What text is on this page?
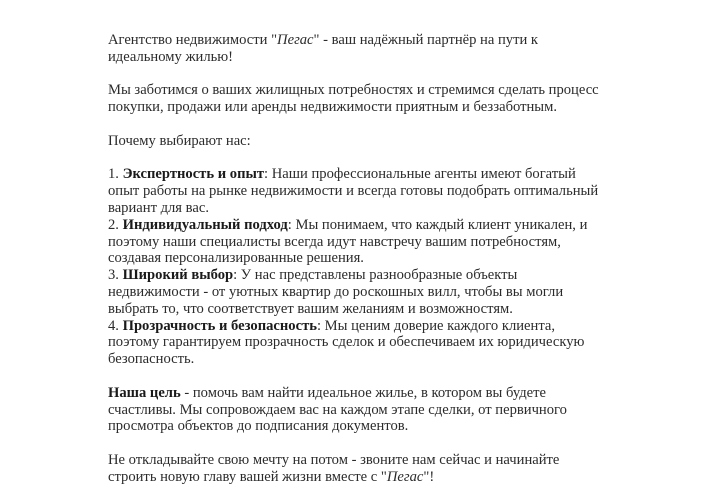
Агентство недвижимости "Пегас" - ваш надёжный партнёр на пути к идеальному жилью!

Мы заботимся о ваших жилищных потребностях и стремимся сделать процесс покупки, продажи или аренды недвижимости приятным и беззаботным.

Почему выбирают нас:

1. Экспертность и опыт: Наши профессиональные агенты имеют богатый опыт работы на рынке недвижимости и всегда готовы подобрать оптимальный вариант для вас.

2. Индивидуальный подход: Мы понимаем, что каждый клиент уникален, и поэтому наши специалисты всегда идут навстречу вашим потребностям, создавая персонализированные решения.

3. Широкий выбор: У нас представлены разнообразные объекты недвижимости - от уютных квартир до роскошных вилл, чтобы вы могли выбрать то, что соответствует вашим желаниям и возможностям.

4. Прозрачность и безопасность: Мы ценим доверие каждого клиента, поэтому гарантируем прозрачность сделок и обеспечиваем их юридическую безопасность.

Наша цель - помочь вам найти идеальное жилье, в котором вы будете счастливы. Мы сопровождаем вас на каждом этапе сделки, от первичного просмотра объектов до подписания документов.

Не откладывайте свою мечту на потом - звоните нам сейчас и начинайте строить новую главу вашей жизни вместе с "Пегас"!
